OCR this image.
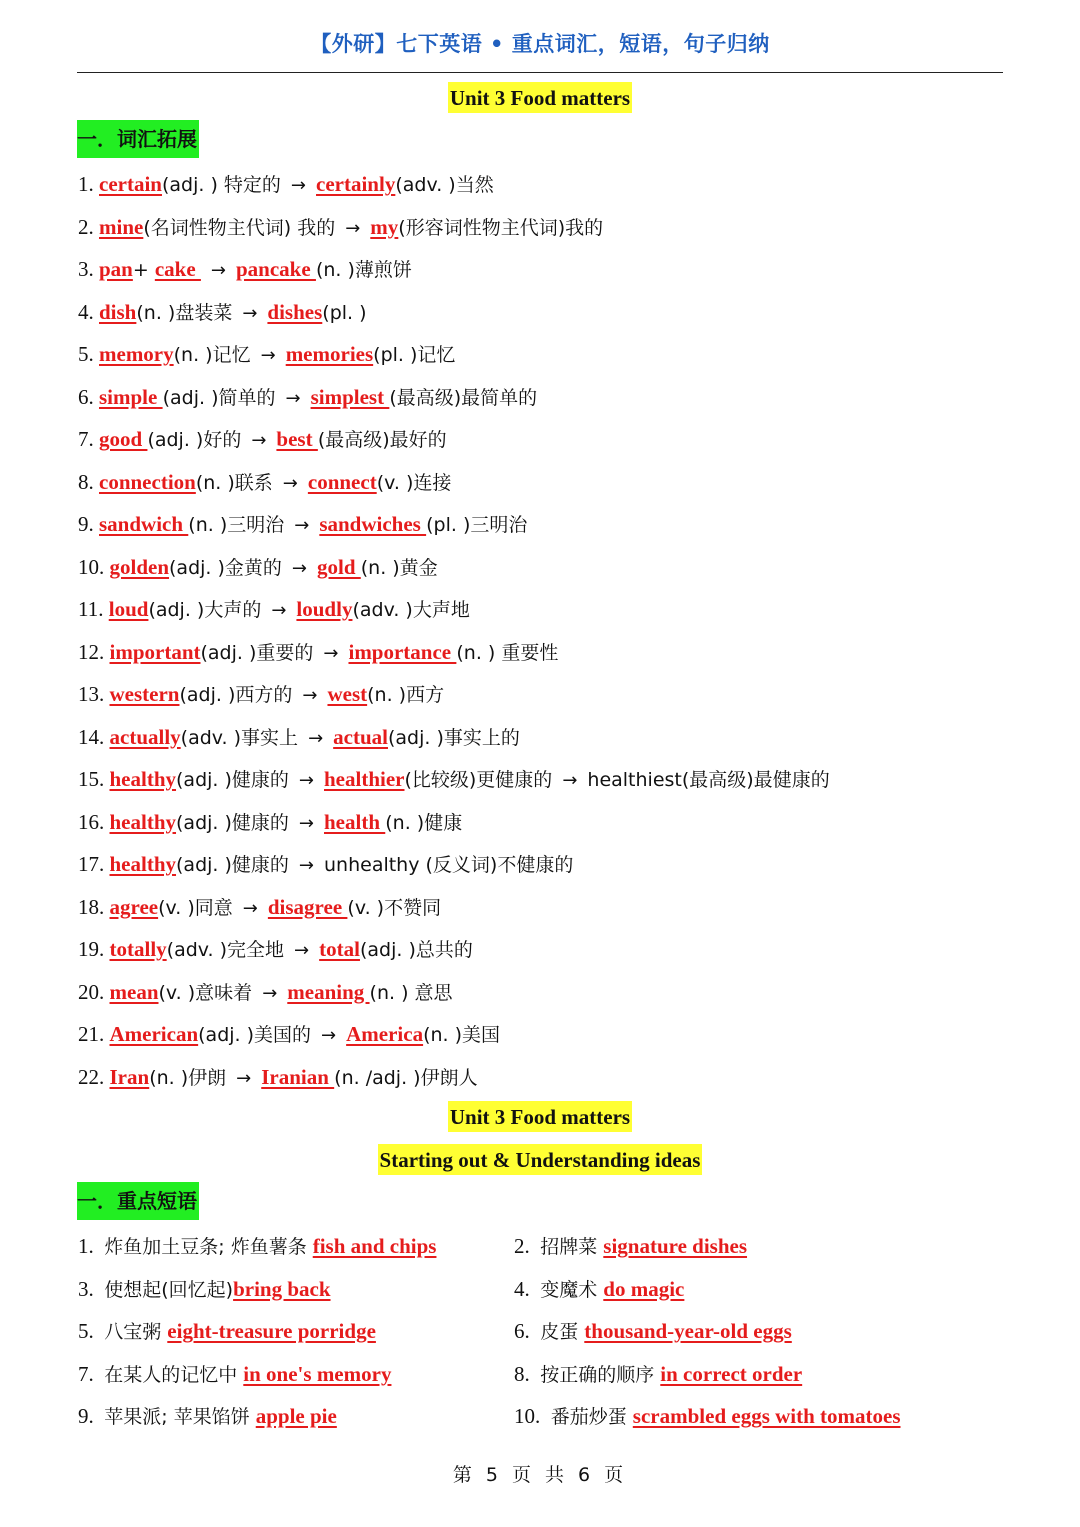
【外研】七下英语 • 重点词汇，短语，句子归纳
Unit 3 Food matters
一．词汇拓展
1. certain(adj. ) 特定的 → certainly(adv. )当然
2. mine(名词性物主代词) 我的 → my(形容词性物主代词)我的
3. pan+ cake → pancake (n. )薄煎饼
4. dish(n. )盘装菜 → dishes(pl. )
5. memory(n. )记忆 → memories(pl. )记忆
6. simple (adj. )简单的 → simplest (最高级)最简单的
7. good (adj. )好的 → best (最高级)最好的
8. connection(n. )联系 → connect(v. )连接
9. sandwich (n. )三明治 → sandwiches (pl. )三明治
10. golden(adj. )金黄的 → gold (n. )黄金
11. loud(adj. )大声的 → loudly(adv. )大声地
12. important(adj. )重要的 → importance (n. ) 重要性
13. western(adj. )西方的 → west(n. )西方
14. actually(adv. )事实上 → actual(adj. )事实上的
15. healthy(adj. )健康的 → healthier(比较级)更健康的 → healthiest(最高级)最健康的
16. healthy(adj. )健康的 → health (n. )健康
17. healthy(adj. )健康的 → unhealthy (反义词)不健康的
18. agree(v. )同意 → disagree (v. )不赞同
19. totally(adv. )完全地 → total(adj. )总共的
20. mean(v. )意味着 → meaning (n. ) 意思
21. American(adj. )美国的 → America(n. )美国
22. Iran(n. )伊朗 → Iranian (n. /adj. )伊朗人
Unit 3 Food matters
Starting out & Understanding ideas
一．重点短语
1.  炸鱼加土豆条; 炸鱼薯条 fish and chips	2.  招牌菜 signature dishes
3.  使想起(回忆起)bring back	4.  变魔术 do magic
5.  八宝粥 eight-treasure porridge	6.  皮蛋 thousand-year-old eggs
7.  在某人的记忆中 in one's memory	8.  按正确的顺序 in correct order
9.  苹果派; 苹果馅饼 apple pie	10.  番茄炒蛋 scrambled eggs with tomatoes
第 5 页 共 6 页
